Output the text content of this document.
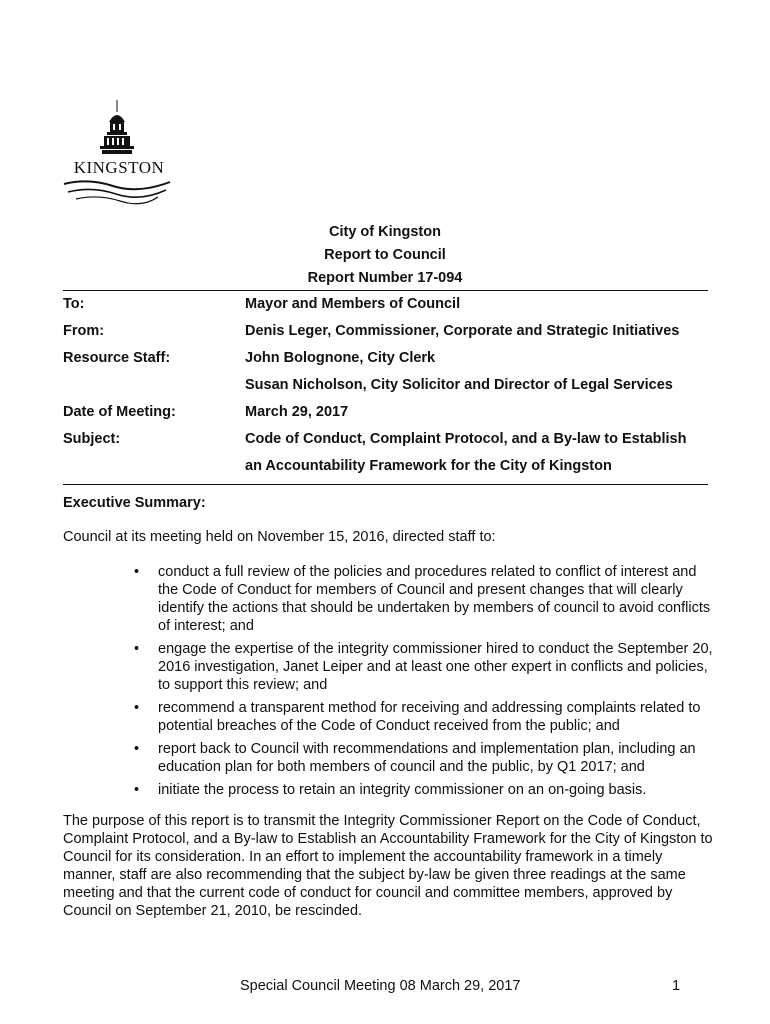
KINGSTON
City of Kingston
Report to Council
Report Number 17-094
To:	Mayor and Members of Council
From:	Denis Leger, Commissioner, Corporate and Strategic Initiatives
Resource Staff:	John Bolognone, City Clerk
Susan Nicholson, City Solicitor and Director of Legal Services
Date of Meeting:	March 29, 2017
Subject:	Code of Conduct, Complaint Protocol, and a By-law to Establish
an Accountability Framework for the City of Kingston
Executive Summary:
Council at its meeting held on November 15, 2016, directed staff to:
• conduct a full review of the policies and procedures related to conflict of interest and the Code of Conduct for members of Council and present changes that will clearly identify the actions that should be undertaken by members of council to avoid conflicts of interest; and
• engage the expertise of the integrity commissioner hired to conduct the September 20, 2016 investigation, Janet Leiper and at least one other expert in conflicts and policies, to support this review; and
• recommend a transparent method for receiving and addressing complaints related to potential breaches of the Code of Conduct received from the public; and
• report back to Council with recommendations and implementation plan, including an education plan for both members of council and the public, by Q1 2017; and
• initiate the process to retain an integrity commissioner on an on-going basis.
The purpose of this report is to transmit the Integrity Commissioner Report on the Code of Conduct, Complaint Protocol, and a By-law to Establish an Accountability Framework for the City of Kingston to Council for its consideration. In an effort to implement the accountability framework in a timely manner, staff are also recommending that the subject by-law be given three readings at the same meeting and that the current code of conduct for council and committee members, approved by Council on September 21, 2010, be rescinded.
Special Council Meeting 08 March 29, 2017	1
